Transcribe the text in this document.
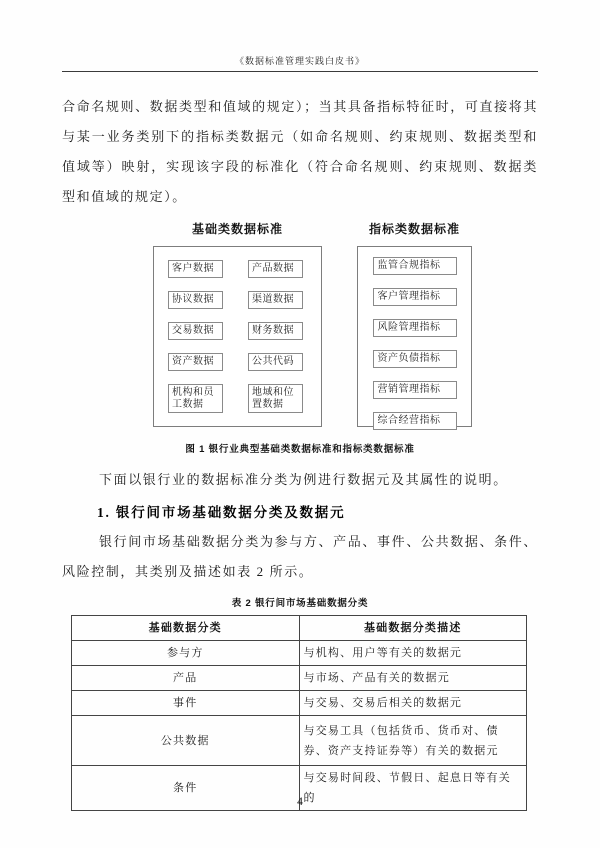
《数据标准管理实践白皮书》

合命名规则、数据类型和值域的规定）；当其具备指标特征时，可直接将其与某一业务类别下的指标类数据元（如命名规则、约束规则、数据类型和值域等）映射，实现该字段的标准化（符合命名规则、约束规则、数据类型和值域的规定）。

基础类数据标准
客户数据
协议数据
交易数据
资产数据
机构和员工数据
产品数据
渠道数据
财务数据
公共代码
地域和位置数据
指标类数据标准
监管合规指标
客户管理指标
风险管理指标
资产负债指标
营销管理指标
综合经营指标
图 1 银行业典型基础类数据标准和指标类数据标准

下面以银行业的数据标准分类为例进行数据元及其属性的说明。

1. 银行间市场基础数据分类及数据元

银行间市场基础数据分类为参与方、产品、事件、公共数据、条件、风险控制，其类别及描述如表 2 所示。

表 2 银行间市场基础数据分类
基础数据分类	基础数据分类描述
参与方	与机构、用户等有关的数据元
产品	与市场、产品有关的数据元
事件	与交易、交易后相关的数据元
公共数据	与交易工具（包括货币、货币对、债券、资产支持证券等）有关的数据元
条件	与交易时间段、节假日、起息日等有关的
4
